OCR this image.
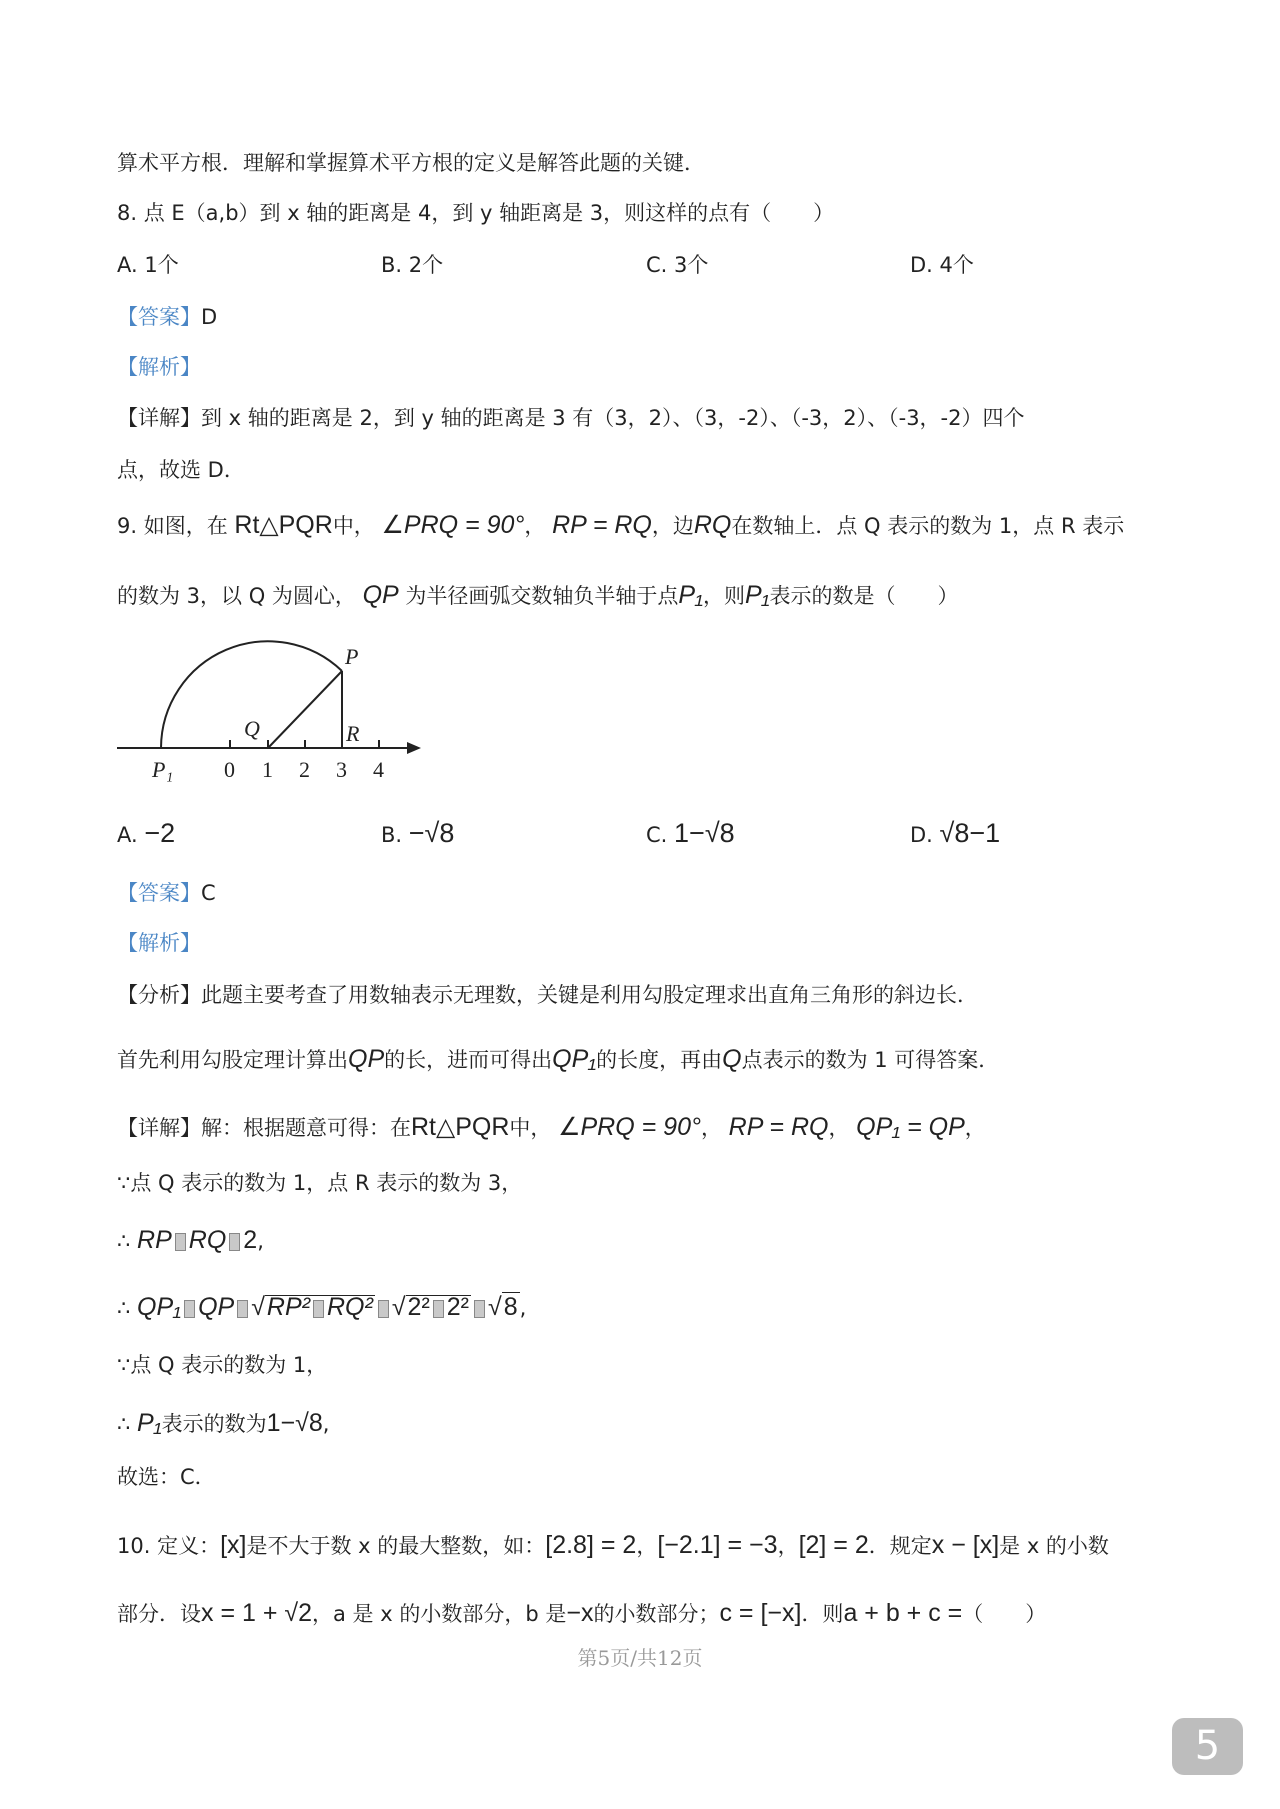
算术平方根．理解和掌握算术平方根的定义是解答此题的关键．
8. 点 E（a,b）到 x 轴的距离是 4，到 y 轴距离是 3，则这样的点有（　　）
A. 1个	B. 2个	C. 3个	D. 4个
【答案】D
【解析】
【详解】到 x 轴的距离是 2，到 y 轴的距离是 3 有（3，2）、（3，-2）、（-3，2）、（-3，-2）四个
点，故选 D．
9. 如图，在 Rt△PQR中， ∠PRQ = 90°， RP = RQ，边RQ在数轴上．点 Q 表示的数为 1，点 R 表示
的数为 3，以 Q 为圆心， QP 为半径画弧交数轴负半轴于点P₁，则P₁表示的数是（　　）
P
Q	R
P₁ 0 1 2 3 4
A. −2	B. −√8	C. 1−√8	D. √8−1
【答案】C
【解析】
【分析】此题主要考查了用数轴表示无理数，关键是利用勾股定理求出直角三角形的斜边长．
首先利用勾股定理计算出QP的长，进而可得出QP₁的长度，再由Q点表示的数为 1 可得答案．
【详解】解：根据题意可得：在Rt△PQR中， ∠PRQ = 90°， RP = RQ， QP₁ = QP，
∵点 Q 表示的数为 1，点 R 表示的数为 3，
∴ RP RQ 2,
∴ QP₁ QP √RP² RQ² √2² 2² √8,
∵点 Q 表示的数为 1，
∴ P₁表示的数为1−√8,
故选：C．
10. 定义：[x]是不大于数 x 的最大整数，如：[2.8] = 2，[−2.1] = −3，[2] = 2．规定x − [x]是 x 的小数
部分．设x = 1 + √2，a 是 x 的小数部分，b 是−x的小数部分；c = [−x]．则a + b + c =（　　）
第5页/共12页
5
